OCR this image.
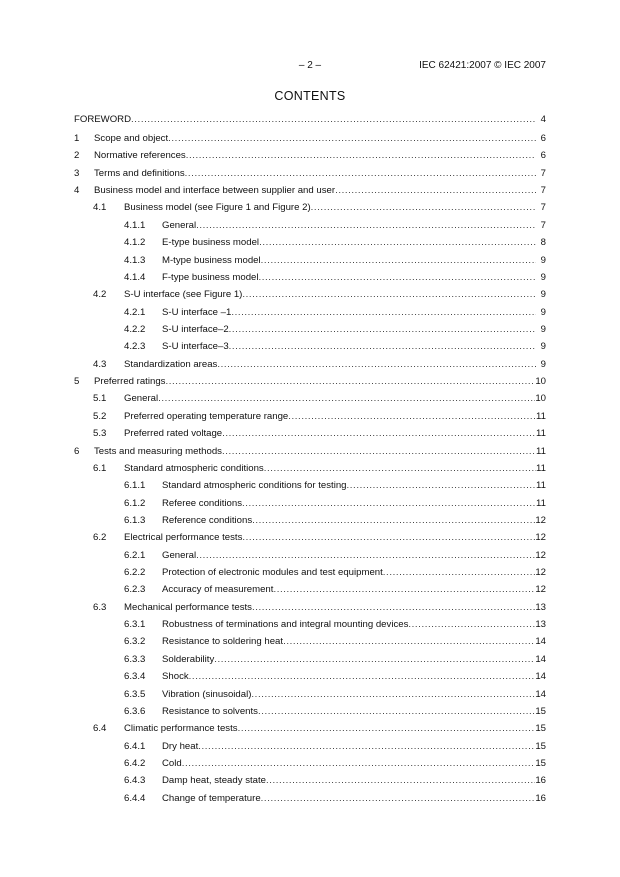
– 2 –	IEC 62421:2007 © IEC 2007
CONTENTS
FOREWORD .....	4
1	Scope and object .....	6
2	Normative references .....	6
3	Terms and definitions .....	7
4	Business model and interface between supplier and user .....	7
4.1	Business model (see Figure 1 and Figure 2) .....	7
4.1.1	General .....	7
4.1.2	E-type business model .....	8
4.1.3	M-type business model .....	9
4.1.4	F-type business model .....	9
4.2	S-U interface (see Figure 1) .....	9
4.2.1	S-U interface –1 .....	9
4.2.2	S-U interface–2 .....	9
4.2.3	S-U interface–3 .....	9
4.3	Standardization areas .....	9
5	Preferred ratings .....	10
5.1	General .....	10
5.2	Preferred operating temperature range .....	11
5.3	Preferred rated voltage .....	11
6	Tests and measuring methods .....	11
6.1	Standard atmospheric conditions .....	11
6.1.1	Standard atmospheric conditions for testing .....	11
6.1.2	Referee conditions .....	11
6.1.3	Reference conditions .....	12
6.2	Electrical performance tests .....	12
6.2.1	General .....	12
6.2.2	Protection of electronic modules and test equipment .....	12
6.2.3	Accuracy of measurement .....	12
6.3	Mechanical performance tests .....	13
6.3.1	Robustness of terminations and integral mounting devices .....	13
6.3.2	Resistance to soldering heat .....	14
6.3.3	Solderability .....	14
6.3.4	Shock .....	14
6.3.5	Vibration (sinusoidal) .....	14
6.3.6	Resistance to solvents .....	15
6.4	Climatic performance tests .....	15
6.4.1	Dry heat .....	15
6.4.2	Cold .....	15
6.4.3	Damp heat, steady state .....	16
6.4.4	Change of temperature .....	16
